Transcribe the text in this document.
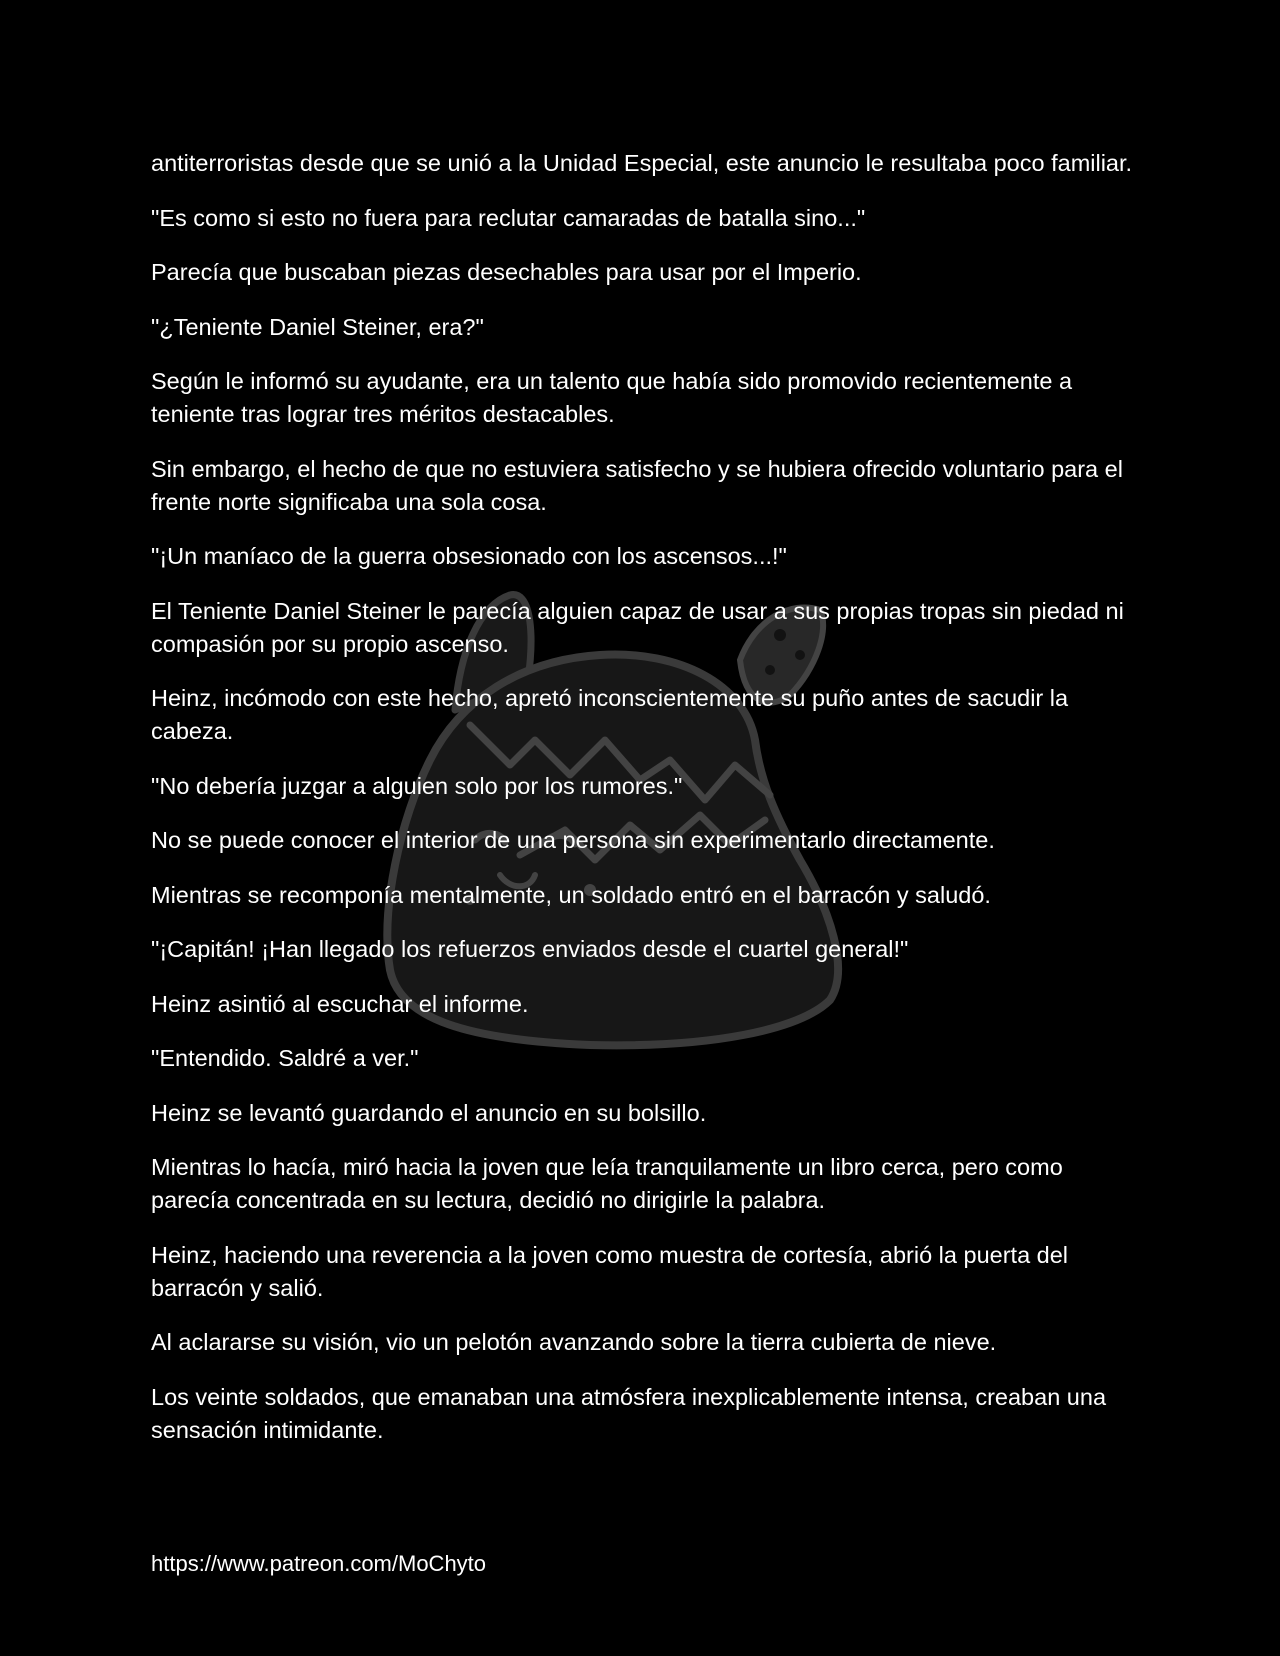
antiterroristas desde que se unió a la Unidad Especial, este anuncio le resultaba poco familiar.

"Es como si esto no fuera para reclutar camaradas de batalla sino..."

Parecía que buscaban piezas desechables para usar por el Imperio.

"¿Teniente Daniel Steiner, era?"

Según le informó su ayudante, era un talento que había sido promovido recientemente a teniente tras lograr tres méritos destacables.

Sin embargo, el hecho de que no estuviera satisfecho y se hubiera ofrecido voluntario para el frente norte significaba una sola cosa.

"¡Un maníaco de la guerra obsesionado con los ascensos...!"

El Teniente Daniel Steiner le parecía alguien capaz de usar a sus propias tropas sin piedad ni compasión por su propio ascenso.

Heinz, incómodo con este hecho, apretó inconscientemente su puño antes de sacudir la cabeza.

"No debería juzgar a alguien solo por los rumores."

No se puede conocer el interior de una persona sin experimentarlo directamente.

Mientras se recomponía mentalmente, un soldado entró en el barracón y saludó.

"¡Capitán! ¡Han llegado los refuerzos enviados desde el cuartel general!"

Heinz asintió al escuchar el informe.

"Entendido. Saldré a ver."

Heinz se levantó guardando el anuncio en su bolsillo.

Mientras lo hacía, miró hacia la joven que leía tranquilamente un libro cerca, pero como parecía concentrada en su lectura, decidió no dirigirle la palabra.

Heinz, haciendo una reverencia a la joven como muestra de cortesía, abrió la puerta del barracón y salió.

Al aclararse su visión, vio un pelotón avanzando sobre la tierra cubierta de nieve.

Los veinte soldados, que emanaban una atmósfera inexplicablemente intensa, creaban una sensación intimidante.

https://www.patreon.com/MoChyto
